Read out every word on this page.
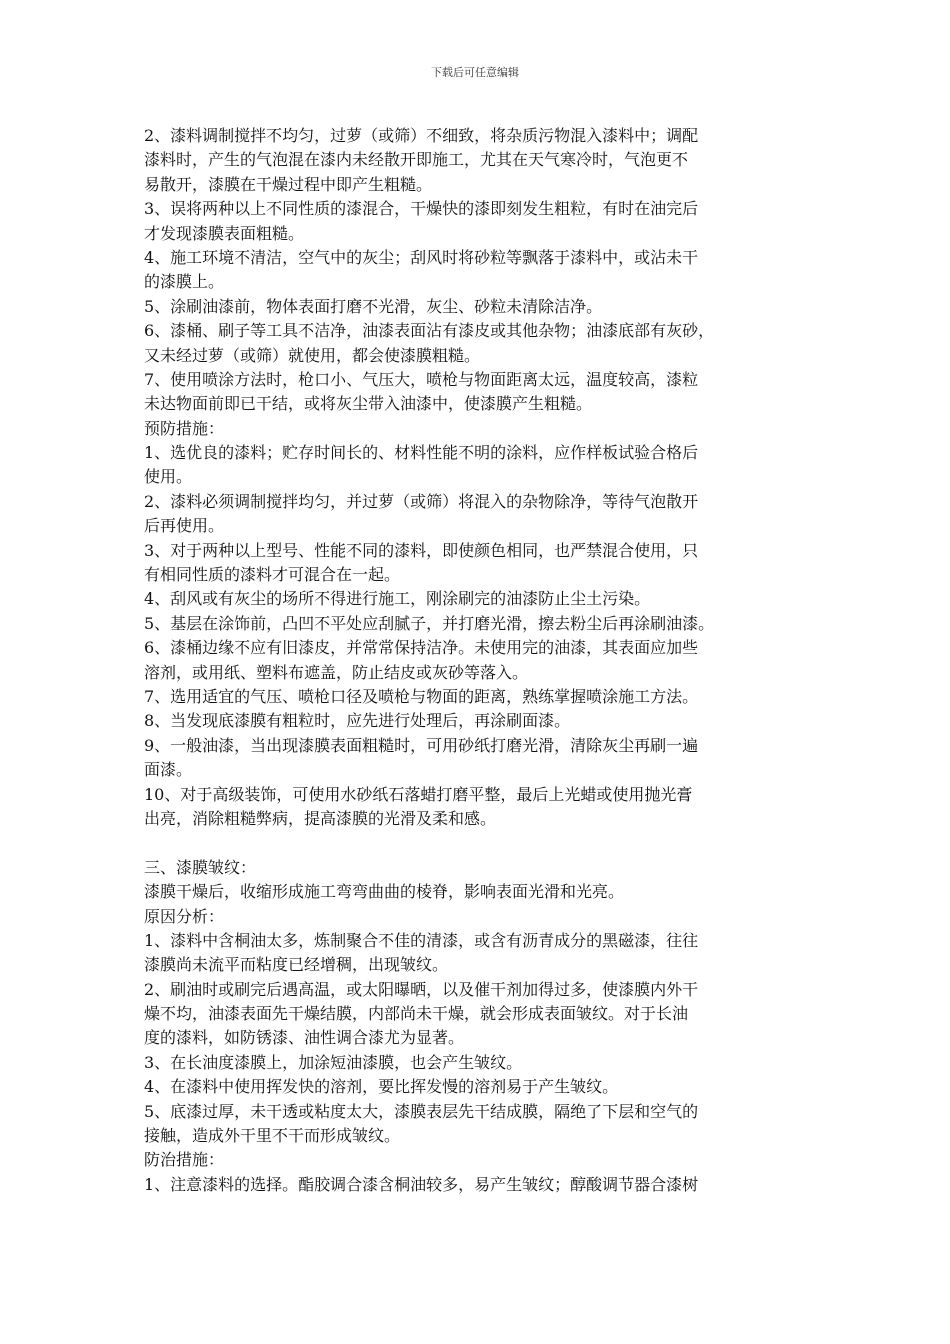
下载后可任意编辑
2、漆料调制搅拌不均匀，过萝（或筛）不细致，将杂质污物混入漆料中；调配
漆料时，产生的气泡混在漆内未经散开即施工，尤其在天气寒冷时，气泡更不
易散开，漆膜在干燥过程中即产生粗糙。
3、误将两种以上不同性质的漆混合，干燥快的漆即刻发生粗粒，有时在油完后
才发现漆膜表面粗糙。
4、施工环境不清洁，空气中的灰尘；刮风时将砂粒等飘落于漆料中，或沾未干
的漆膜上。
5、涂刷油漆前，物体表面打磨不光滑，灰尘、砂粒未清除洁净。
6、漆桶、刷子等工具不洁净，油漆表面沾有漆皮或其他杂物；油漆底部有灰砂，
又未经过萝（或筛）就使用，都会使漆膜粗糙。
7、使用喷涂方法时，枪口小、气压大，喷枪与物面距离太远，温度较高，漆粒
未达物面前即已干结，或将灰尘带入油漆中，使漆膜产生粗糙。
预防措施：
1、选优良的漆料；贮存时间长的、材料性能不明的涂料，应作样板试验合格后
使用。
2、漆料必须调制搅拌均匀，并过萝（或筛）将混入的杂物除净，等待气泡散开
后再使用。
3、对于两种以上型号、性能不同的漆料，即使颜色相同，也严禁混合使用，只
有相同性质的漆料才可混合在一起。
4、刮风或有灰尘的场所不得进行施工，刚涂刷完的油漆防止尘土污染。
5、基层在涂饰前，凸凹不平处应刮腻子，并打磨光滑，擦去粉尘后再涂刷油漆。
6、漆桶边缘不应有旧漆皮，并常常保持洁净。未使用完的油漆，其表面应加些
溶剂，或用纸、塑料布遮盖，防止结皮或灰砂等落入。
7、选用适宜的气压、喷枪口径及喷枪与物面的距离，熟练掌握喷涂施工方法。
8、当发现底漆膜有粗粒时，应先进行处理后，再涂刷面漆。
9、一般油漆，当出现漆膜表面粗糙时，可用砂纸打磨光滑，清除灰尘再刷一遍
面漆。
10、对于高级装饰，可使用水砂纸石落蜡打磨平整，最后上光蜡或使用抛光膏
出亮，消除粗糙弊病，提高漆膜的光滑及柔和感。
三、漆膜皱纹：
漆膜干燥后，收缩形成施工弯弯曲曲的棱脊，影响表面光滑和光亮。
原因分析：
1、漆料中含桐油太多，炼制聚合不佳的清漆，或含有沥青成分的黑磁漆，往往
漆膜尚未流平而粘度已经增稠，出现皱纹。
2、刷油时或刷完后遇高温，或太阳曝晒，以及催干剂加得过多，使漆膜内外干
燥不均，油漆表面先干燥结膜，内部尚未干燥，就会形成表面皱纹。对于长油
度的漆料，如防锈漆、油性调合漆尤为显著。
3、在长油度漆膜上，加涂短油漆膜，也会产生皱纹。
4、在漆料中使用挥发快的溶剂，要比挥发慢的溶剂易于产生皱纹。
5、底漆过厚，未干透或粘度太大，漆膜表层先干结成膜，隔绝了下层和空气的
接触，造成外干里不干而形成皱纹。
防治措施：
1、注意漆料的选择。酯胶调合漆含桐油较多，易产生皱纹；醇酸调节器合漆树
